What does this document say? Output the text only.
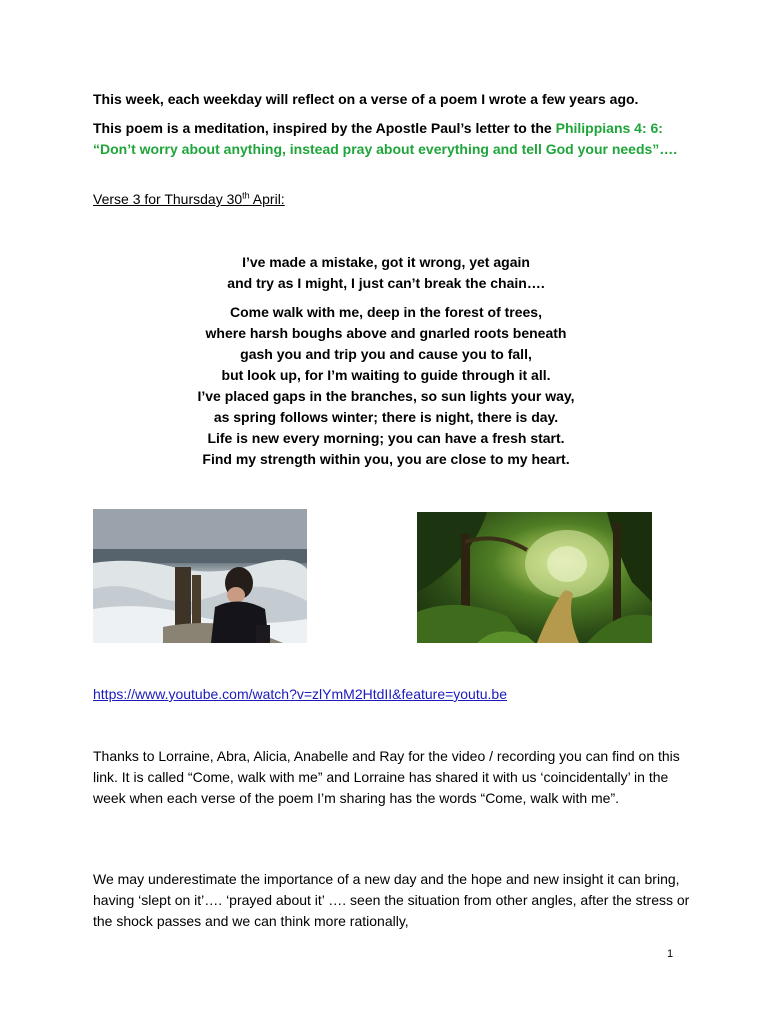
This week, each weekday will reflect on a verse of a poem I wrote a few years ago.
This poem is a meditation, inspired by the Apostle Paul’s letter to the Philippians 4: 6: “Don’t worry about anything, instead pray about everything and tell God your needs”….
Verse 3 for Thursday 30th April:
I’ve made a mistake, got it wrong, yet again
and try as I might, I just can’t break the chain….
Come walk with me, deep in the forest of trees,
where harsh boughs above and gnarled roots beneath
gash you and trip you and cause you to fall,
but look up, for I’m waiting to guide through it all.
I’ve placed gaps in the branches, so sun lights your way,
as spring follows winter; there is night, there is day.
Life is new every morning; you can have a fresh start.
Find my strength within you, you are close to my heart.
https://www.youtube.com/watch?v=zlYmM2HtdII&feature=youtu.be
Thanks to Lorraine, Abra, Alicia, Anabelle and Ray for the video / recording you can find on this link. It is called “Come, walk with me” and Lorraine has shared it with us ‘coincidentally’ in the week when each verse of the poem I’m sharing has the words “Come, walk with me”.
We may underestimate the importance of a new day and the hope and new insight it can bring, having ‘slept on it’…. ‘prayed about it’ …. seen the situation from other angles, after the stress or the shock passes and we can think more rationally,
1
